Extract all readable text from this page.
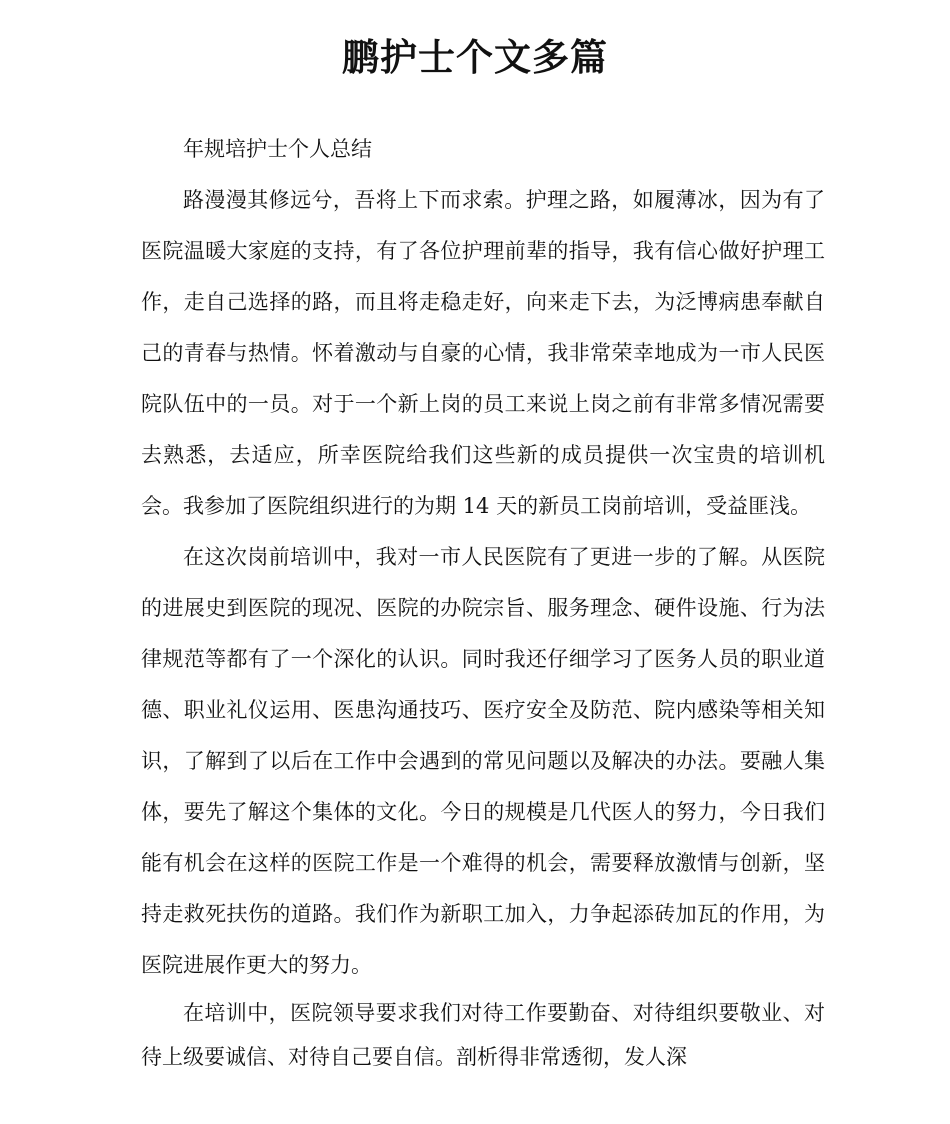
鹏护士个文多篇

年规培护士个人总结

路漫漫其修远兮，吾将上下而求索。护理之路，如履薄冰，因为有了医院温暖大家庭的支持，有了各位护理前辈的指导，我有信心做好护理工作，走自己选择的路，而且将走稳走好，向来走下去，为泛博病患奉献自己的青春与热情。怀着激动与自豪的心情，我非常荣幸地成为一市人民医院队伍中的一员。对于一个新上岗的员工来说上岗之前有非常多情况需要去熟悉，去适应，所幸医院给我们这些新的成员提供一次宝贵的培训机会。我参加了医院组织进行的为期 14 天的新员工岗前培训，受益匪浅。

在这次岗前培训中，我对一市人民医院有了更进一步的了解。从医院的进展史到医院的现况、医院的办院宗旨、服务理念、硬件设施、行为法律规范等都有了一个深化的认识。同时我还仔细学习了医务人员的职业道德、职业礼仪运用、医患沟通技巧、医疗安全及防范、院内感染等相关知识，了解到了以后在工作中会遇到的常见问题以及解决的办法。要融人集体，要先了解这个集体的文化。今日的规模是几代医人的努力，今日我们能有机会在这样的医院工作是一个难得的机会，需要释放激情与创新，坚持走救死扶伤的道路。我们作为新职工加入，力争起添砖加瓦的作用，为医院进展作更大的努力。

在培训中，医院领导要求我们对待工作要勤奋、对待组织要敬业、对待上级要诚信、对待自己要自信。剖析得非常透彻，发人深
